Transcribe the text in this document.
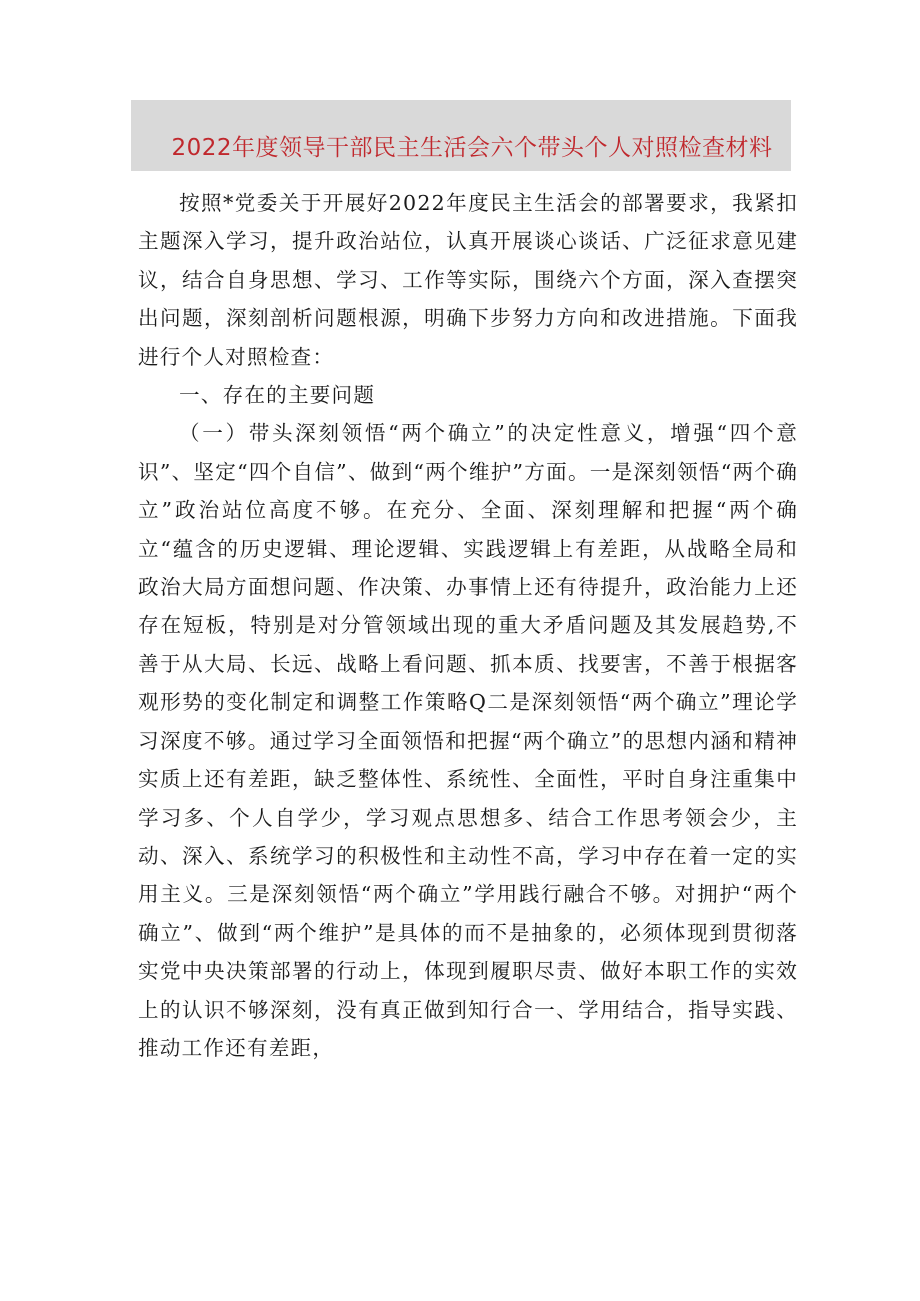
2022年度领导干部民主生活会六个带头个人对照检查材料

按照*党委关于开展好2022年度民主生活会的部署要求，我紧扣主题深入学习，提升政治站位，认真开展谈心谈话、广泛征求意见建议，结合自身思想、学习、工作等实际，围绕六个方面，深入查摆突出问题，深刻剖析问题根源，明确下步努力方向和改进措施。下面我进行个人对照检查：

一、存在的主要问题

（一）带头深刻领悟“两个确立”的决定性意义，增强“四个意识”、坚定“四个自信”、做到“两个维护”方面。一是深刻领悟“两个确立”政治站位高度不够。在充分、全面、深刻理解和把握“两个确立“蕴含的历史逻辑、理论逻辑、实践逻辑上有差距，从战略全局和政治大局方面想问题、作决策、办事情上还有待提升，政治能力上还存在短板，特别是对分管领域出现的重大矛盾问题及其发展趋势,不善于从大局、长远、战略上看问题、抓本质、找要害，不善于根据客观形势的变化制定和调整工作策略Q二是深刻领悟“两个确立”理论学习深度不够。通过学习全面领悟和把握“两个确立”的思想内涵和精神实质上还有差距，缺乏整体性、系统性、全面性，平时自身注重集中学习多、个人自学少，学习观点思想多、结合工作思考领会少，主动、深入、系统学习的积极性和主动性不高，学习中存在着一定的实用主义。三是深刻领悟“两个确立”学用践行融合不够。对拥护“两个确立”、做到“两个维护”是具体的而不是抽象的，必须体现到贯彻落实党中央决策部署的行动上，体现到履职尽责、做好本职工作的实效上的认识不够深刻，没有真正做到知行合一、学用结合，指导实践、推动工作还有差距，
